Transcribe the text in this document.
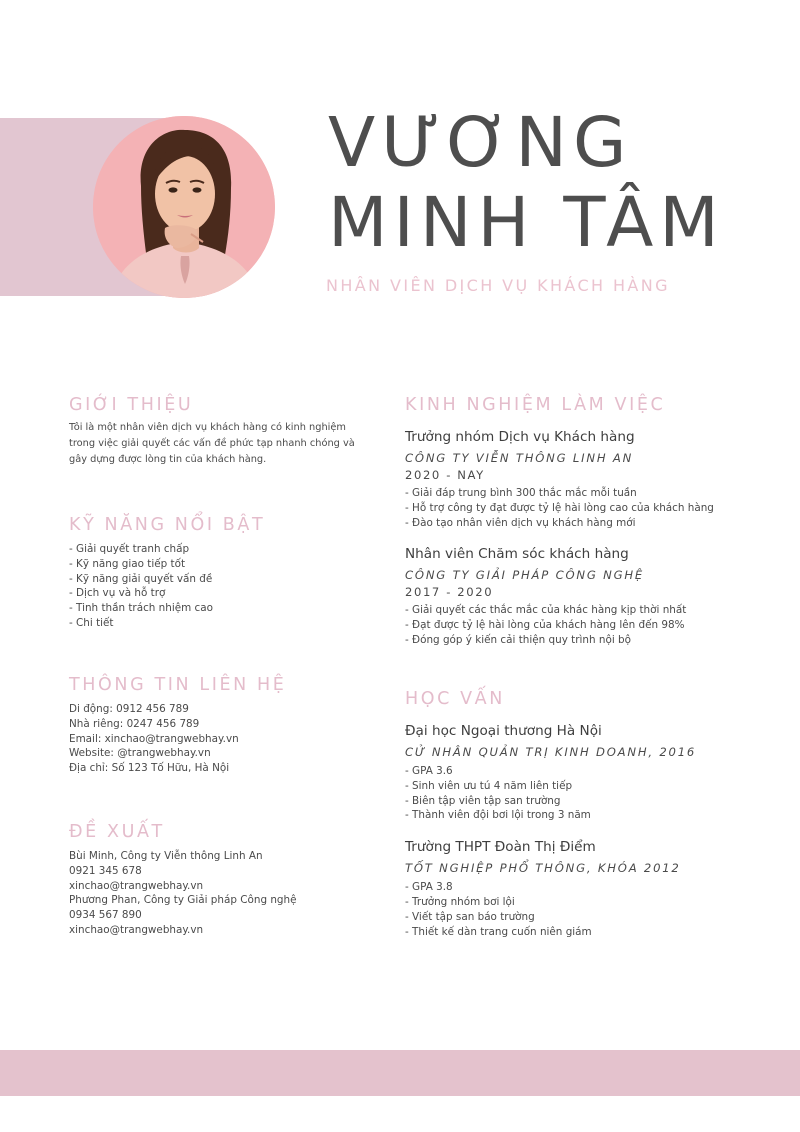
VƯƠNG
MINH TÂM
NHÂN VIÊN DỊCH VỤ KHÁCH HÀNG
GIỚI THIỆU
Tôi là một nhân viên dịch vụ khách hàng có kinh nghiệm
trong việc giải quyết các vấn đề phức tạp nhanh chóng và
gây dựng được lòng tin của khách hàng.
KỸ NĂNG NỔI BẬT
- Giải quyết tranh chấp
- Kỹ năng giao tiếp tốt
- Kỹ năng giải quyết vấn đề
- Dịch vụ và hỗ trợ
- Tinh thần trách nhiệm cao
- Chi tiết
THÔNG TIN LIÊN HỆ
Di động: 0912 456 789
Nhà riêng: 0247 456 789
Email: xinchao@trangwebhay.vn
Website: @trangwebhay.vn
Địa chỉ: Số 123 Tố Hữu, Hà Nội
ĐỀ XUẤT
Bùi Minh, Công ty Viễn thông Linh An
0921 345 678
xinchao@trangwebhay.vn
Phương Phan, Công ty Giải pháp Công nghệ
0934 567 890
xinchao@trangwebhay.vn
KINH NGHIỆM LÀM VIỆC
Trưởng nhóm Dịch vụ Khách hàng
CÔNG TY VIỄN THÔNG LINH AN
2020 - NAY
- Giải đáp trung bình 300 thắc mắc mỗi tuần
- Hỗ trợ công ty đạt được tỷ lệ hài lòng cao của khách hàng
- Đào tạo nhân viên dịch vụ khách hàng mới
Nhân viên Chăm sóc khách hàng
CÔNG TY GIẢI PHÁP CÔNG NGHỆ
2017 - 2020
- Giải quyết các thắc mắc của khác hàng kịp thời nhất
- Đạt được tỷ lệ hài lòng của khách hàng lên đến 98%
- Đóng góp ý kiến cải thiện quy trình nội bộ
HỌC VẤN
Đại học Ngoại thương Hà Nội
CỬ NHÂN QUẢN TRỊ KINH DOANH, 2016
- GPA 3.6
- Sinh viên ưu tú 4 năm liên tiếp
- Biên tập viên tập san trường
- Thành viên đội bơi lội trong 3 năm
Trường THPT Đoàn Thị Điểm
TỐT NGHIỆP PHỔ THÔNG, KHÓA 2012
- GPA 3.8
- Trưởng nhóm bơi lội
- Viết tập san báo trường
- Thiết kế dàn trang cuốn niên giám
